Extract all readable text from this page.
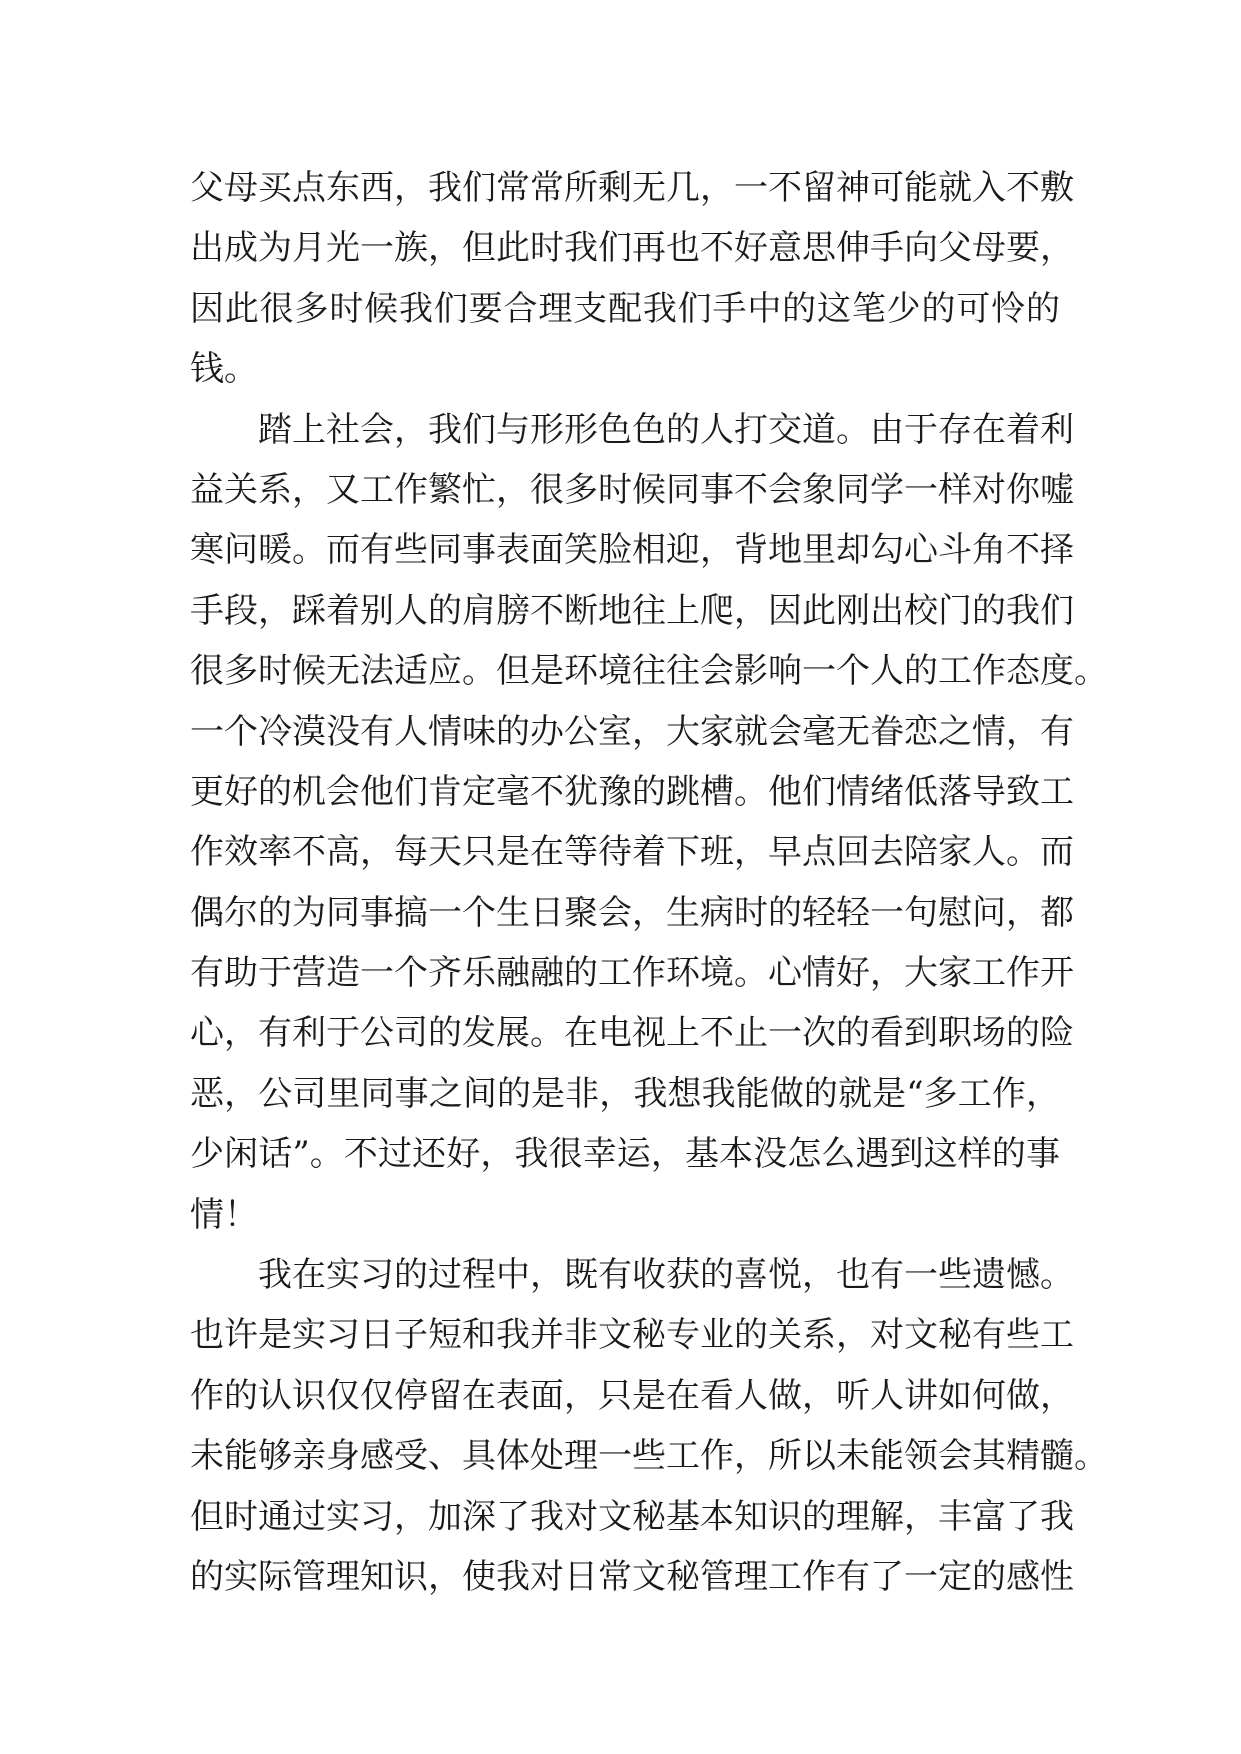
父母买点东西，我们常常所剩无几，一不留神可能就入不敷
出成为月光一族，但此时我们再也不好意思伸手向父母要，
因此很多时候我们要合理支配我们手中的这笔少的可怜的
钱。
踏上社会，我们与形形色色的人打交道。由于存在着利
益关系，又工作繁忙，很多时候同事不会象同学一样对你嘘
寒问暖。而有些同事表面笑脸相迎，背地里却勾心斗角不择
手段，踩着别人的肩膀不断地往上爬，因此刚出校门的我们
很多时候无法适应。但是环境往往会影响一个人的工作态度。
一个冷漠没有人情味的办公室，大家就会毫无眷恋之情，有
更好的机会他们肯定毫不犹豫的跳槽。他们情绪低落导致工
作效率不高，每天只是在等待着下班，早点回去陪家人。而
偶尔的为同事搞一个生日聚会，生病时的轻轻一句慰问，都
有助于营造一个齐乐融融的工作环境。心情好，大家工作开
心，有利于公司的发展。在电视上不止一次的看到职场的险
恶，公司里同事之间的是非，我想我能做的就是“多工作，
少闲话”。不过还好，我很幸运，基本没怎么遇到这样的事
情！
我在实习的过程中，既有收获的喜悦，也有一些遗憾。
也许是实习日子短和我并非文秘专业的关系，对文秘有些工
作的认识仅仅停留在表面，只是在看人做，听人讲如何做，
未能够亲身感受、具体处理一些工作，所以未能领会其精髓。
但时通过实习，加深了我对文秘基本知识的理解，丰富了我
的实际管理知识，使我对日常文秘管理工作有了一定的感性
